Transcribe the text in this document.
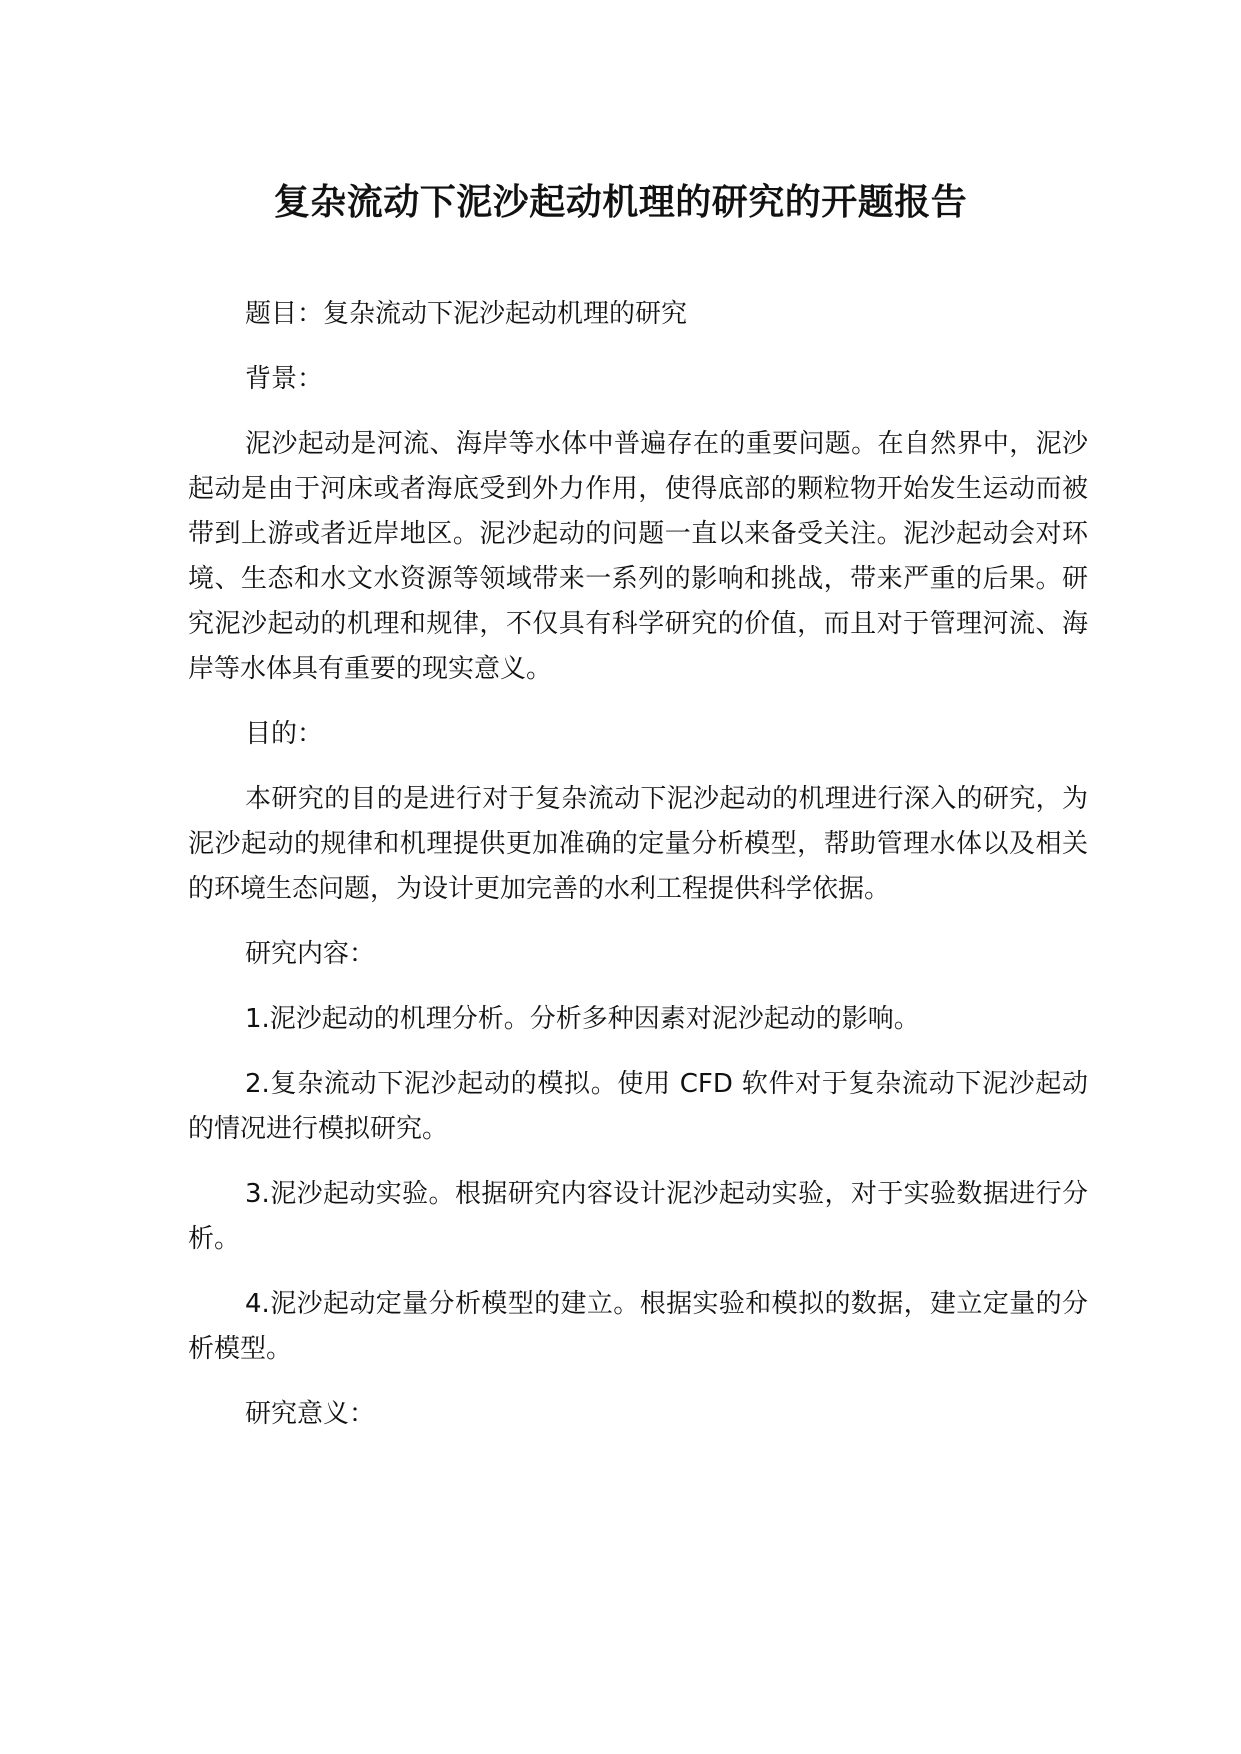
复杂流动下泥沙起动机理的研究的开题报告

题目：复杂流动下泥沙起动机理的研究

背景：

泥沙起动是河流、海岸等水体中普遍存在的重要问题。在自然界中，泥沙起动是由于河床或者海底受到外力作用，使得底部的颗粒物开始发生运动而被带到上游或者近岸地区。泥沙起动的问题一直以来备受关注。泥沙起动会对环境、生态和水文水资源等领域带来一系列的影响和挑战，带来严重的后果。研究泥沙起动的机理和规律，不仅具有科学研究的价值，而且对于管理河流、海岸等水体具有重要的现实意义。

目的：

本研究的目的是进行对于复杂流动下泥沙起动的机理进行深入的研究，为泥沙起动的规律和机理提供更加准确的定量分析模型，帮助管理水体以及相关的环境生态问题，为设计更加完善的水利工程提供科学依据。

研究内容：

1.泥沙起动的机理分析。分析多种因素对泥沙起动的影响。

2.复杂流动下泥沙起动的模拟。使用 CFD 软件对于复杂流动下泥沙起动的情况进行模拟研究。

3.泥沙起动实验。根据研究内容设计泥沙起动实验，对于实验数据进行分析。

4.泥沙起动定量分析模型的建立。根据实验和模拟的数据，建立定量的分析模型。

研究意义：
